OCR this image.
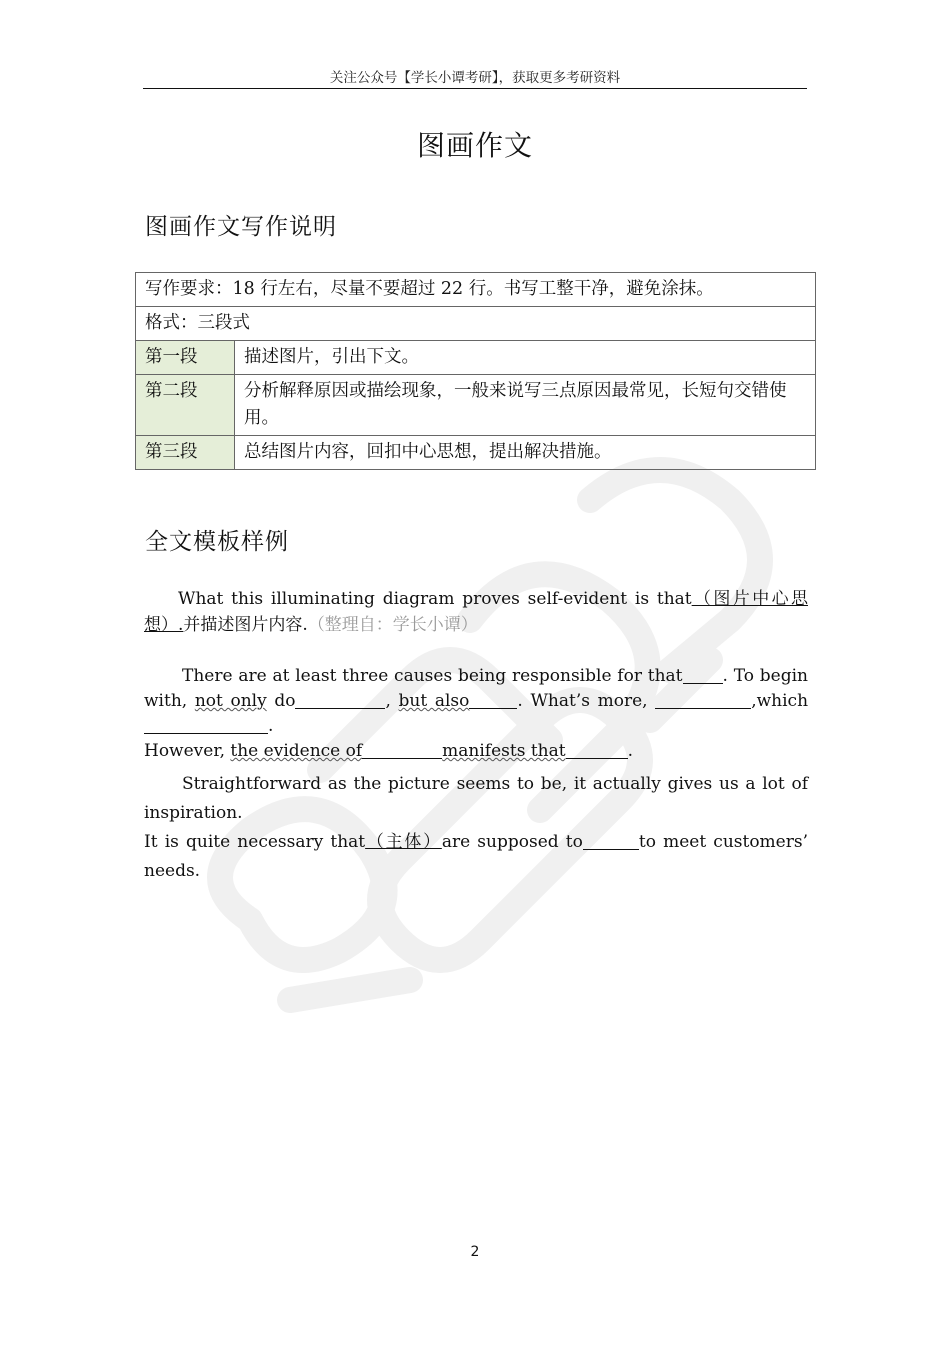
关注公众号【学长小谭考研】，获取更多考研资料
图画作文
图画作文写作说明
写作要求：18 行左右，尽量不要超过 22 行。书写工整干净，避免涂抹。	
格式：三段式	
第一段	描述图片，引出下文。
第二段	分析解释原因或描绘现象，一般来说写三点原因最常见，长短句交错使用。
第三段	总结图片内容，回扣中心思想，提出解决措施。
全文模板样例
What this illuminating diagram proves self-evident is that（图片中心思想）.并描述图片内容.（整理自：学长小谭）
There are at least three causes being responsible for that . To begin with, not only do	, but also	. What’s more,	,which.
However, the evidence of	manifests that	.
Straightforward as the picture seems to be, it actually gives us a lot of inspiration.
It is quite necessary that（主体）are supposed to	to meet customers’ needs.
2
